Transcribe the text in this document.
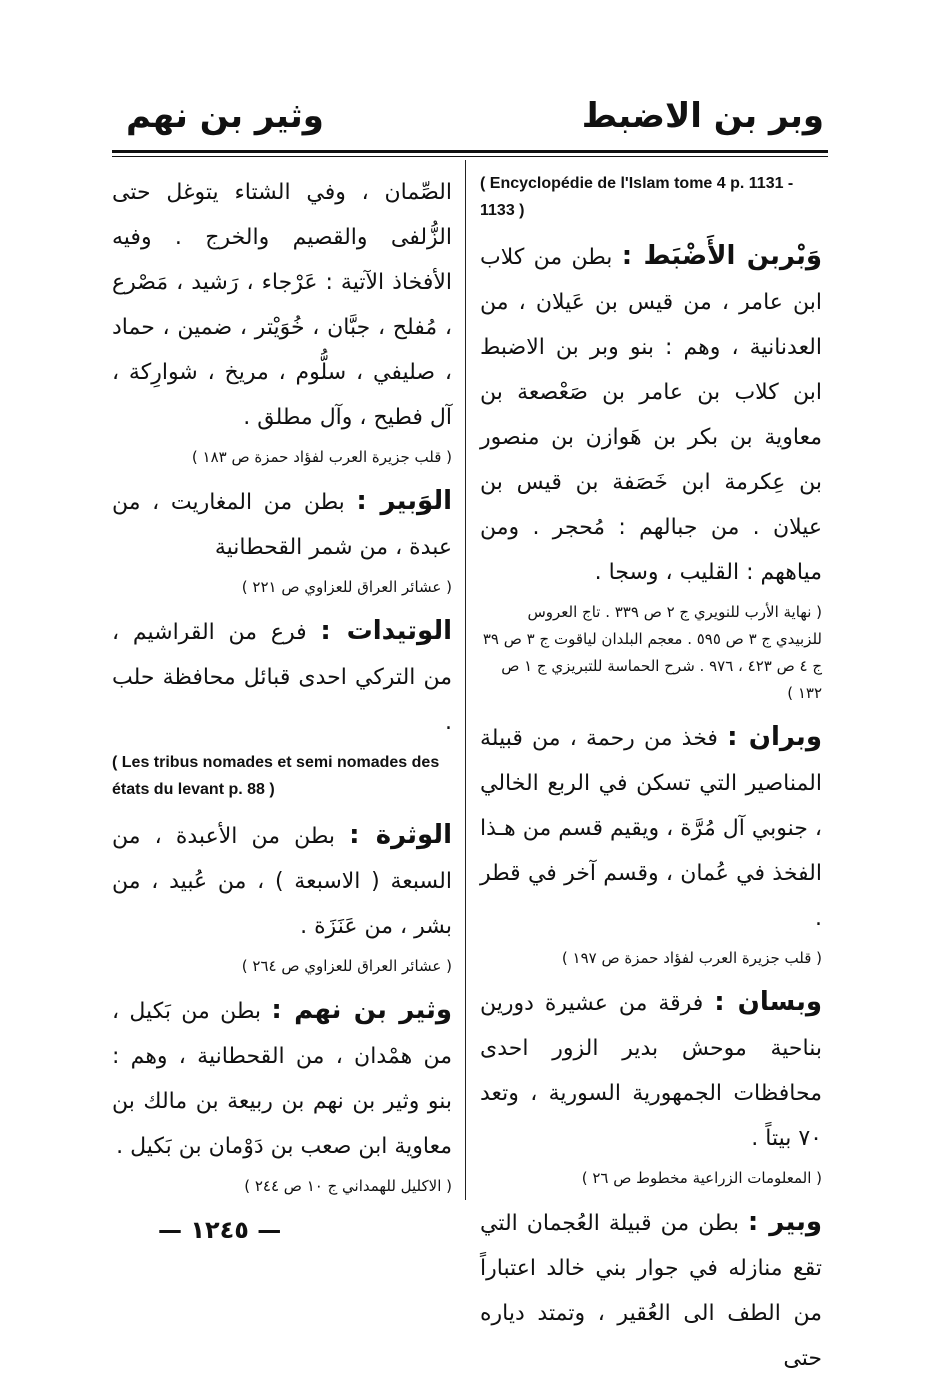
وبر بن الاضبط
وثير بن نهم

( Encyclopédie de l'Islam tome 4 p. 1131 - 1133 )

وَبْربن الأَضْبَط : بطن من كلاب ابن عامر ، من قيس بن عَيلان ، من العدنانية ، وهم : بنو وبر بن الاضبط ابن كلاب بن عامر بن صَعْصعة بن معاوية بن بكر بن هَوازن بن منصور بن عِكرمة ابن خَصَفة بن قيس بن عيلان . من جبالهم : مُحجر . ومن مياههم : القليب ، وسجا .

( نهاية الأرب للنويري ج ٢ ص ٣٣٩ . تاج العروس للزبيدي ج ٣ ص ٥٩٥ . معجم البلدان لياقوت ج ٣ ص ٣٩ ج ٤ ص ٤٢٣ ، ٩٧٦ . شرح الحماسة للتبريزي ج ١ ص ١٣٢ )

وبران : فخذ من رحمة ، من قبيلة المناصير التي تسكن في الربع الخالي ، جنوبي آل مُرَّة ، ويقيم قسم من هـذا الفخذ في عُمان ، وقسم آخر في قطر .

( قلب جزيرة العرب لفؤاد حمزة ص ١٩٧ )

وبسان : فرقة من عشيرة دورين بناحية موحش بدير الزور احدى محافظات الجمهورية السورية ، وتعد ٧٠ بيتاً .

( المعلومات الزراعية مخطوط ص ٢٦ )

وبير : بطن من قبيلة العُجمان التي تقع منازله في جوار بني خالد اعتباراً من الطف الى العُقير ، وتمتد دياره حتى

الصِّمان ، وفي الشتاء يتوغل حتى الزُّلفى والقصيم والخرج . وفيه الأفخاذ الآتية : عَرْجاء ، رَشيد ، مَصْرع ، مُفلح ، جبَّان ، خُوَيْتر ، ضمين ، حماد ، صليفي ، سلُّوم ، مريخ ، شوارِكة ، آل فطيح ، وآل مطلق .

( قلب جزيرة العرب لفؤاد حمزة ص ١٨٣ )

الوَبير : بطن من المغاريت ، من عبدة ، من شمر القحطانية

( عشائر العراق للعزاوي ص ٢٢١ )

الوتيدات : فرع من القراشيم ، من التركي احدى قبائل محافظة حلب .

( Les tribus nomades et semi nomades des états du levant p. 88 )

الوثرة : بطن من الأعبدة ، من السبعة ( الاسبعة ) ، من عُبيد ، من بشر ، من عَنَزَة .

( عشائر العراق للعزاوي ص ٢٦٤ )

وثير بن نهم : بطن من بَكيل ، من همْدان ، من القحطانية ، وهم : بنو وثير بن نهم بن ربيعة بن مالك بن معاوية ابن صعب بن دَوْمان بن بَكيل .

( الاكليل للهمداني ج ١٠ ص ٢٤٤ )

— ١٢٤٥ —
